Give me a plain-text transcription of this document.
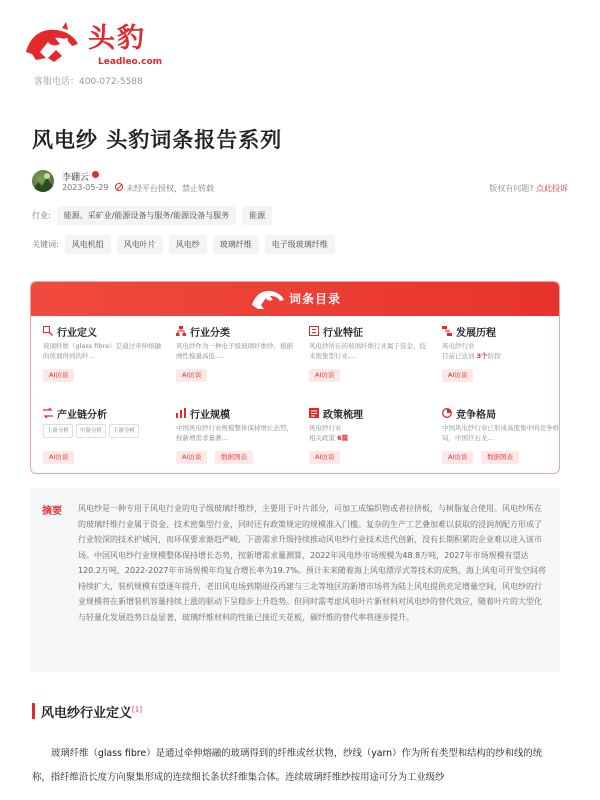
头豹
Leadleo.com
客服电话：400-072-5588
风电纱 头豹词条报告系列
李硼云
2023-05-29 未经平台授权，禁止转载	版权有问题? 点此投诉
行业:	能源、采矿业/能源设备与服务/能源设备与服务	能源
关键词:	风电机组	风电叶片	风电纱	玻璃纤维	电子级玻璃纤维
词条目录
行业定义
玻璃纤维（glass fibre）是通过牵伸熔融的玻璃得到的纤...
AI访谈
行业分类
风电纱作为一种电子级玻璃纤维纱，根据弹性模量高低,...
AI访谈
行业特征
风电纱所在的玻璃纤维行业属于资金、技术密集型行业,...
AI访谈
发展历程
风电纱行业
目前已达到 3个阶段
AI访谈
产业链分析
上游分析 中游分析 下游分析
AI访谈
行业规模
中国风电纱行业规模整体保持增长态势，按新增需求量测...
AI访谈	数据图表
政策梳理
风电纱行业
相关政策 6篇
AI访谈
竞争格局
中国风电纱行业已形成高度集中的竞争格局，中国巨石龙...
AI访谈	数据图表
摘要 风电纱是一种专用于风电行业的电子级玻璃纤维纱，主要用于叶片部分，可加工成编织物或者拉挤板，与树脂复合使用。风电纱所在的玻璃纤维行业属于资金、技术密集型行业，同时还有政策规定的规模准入门槛。复杂的生产工艺叠加难以获取的浸润剂配方形成了行业较深的技术护城河，而环保要求渐趋严峻、下游需求升级持续推动风电纱行业技术迭代创新，没有长期积累的企业难以进入该市场。中国风电纱行业规模整体保持增长态势，按新增需求量测算，2022年风电纱市场规模为48.8万吨，2027年市场规模有望达120.2万吨，2022-2027年市场规模年均复合增长率为19.7%。预计未来随着海上风电漂浮式等技术的成熟，海上风电可开发空间将持续扩大，装机规模有望逐年提升，老旧风电场到期退役再建与三北等地区的新增市场将为陆上风电提供充足增量空间，风电纱的行业规模将在新增装机容量持续上涨的驱动下呈稳步上升趋势。但同时需考虑风电叶片新材料对风电纱的替代效应，随着叶片的大型化与轻量化发展趋势日益显著，玻璃纤维材料的性能已接近天花板，碳纤维的替代率将逐步提升。

风电纱行业定义[1]

玻璃纤维（glass fibre）是通过牵伸熔融的玻璃得到的纤维或丝状物，纱线（yarn）作为所有类型和结构的纱和线的统称，指纤维沿长度方向聚集形成的连续细长条状纤维集合体。连续玻璃纤维纱按用途可分为工业级纱
